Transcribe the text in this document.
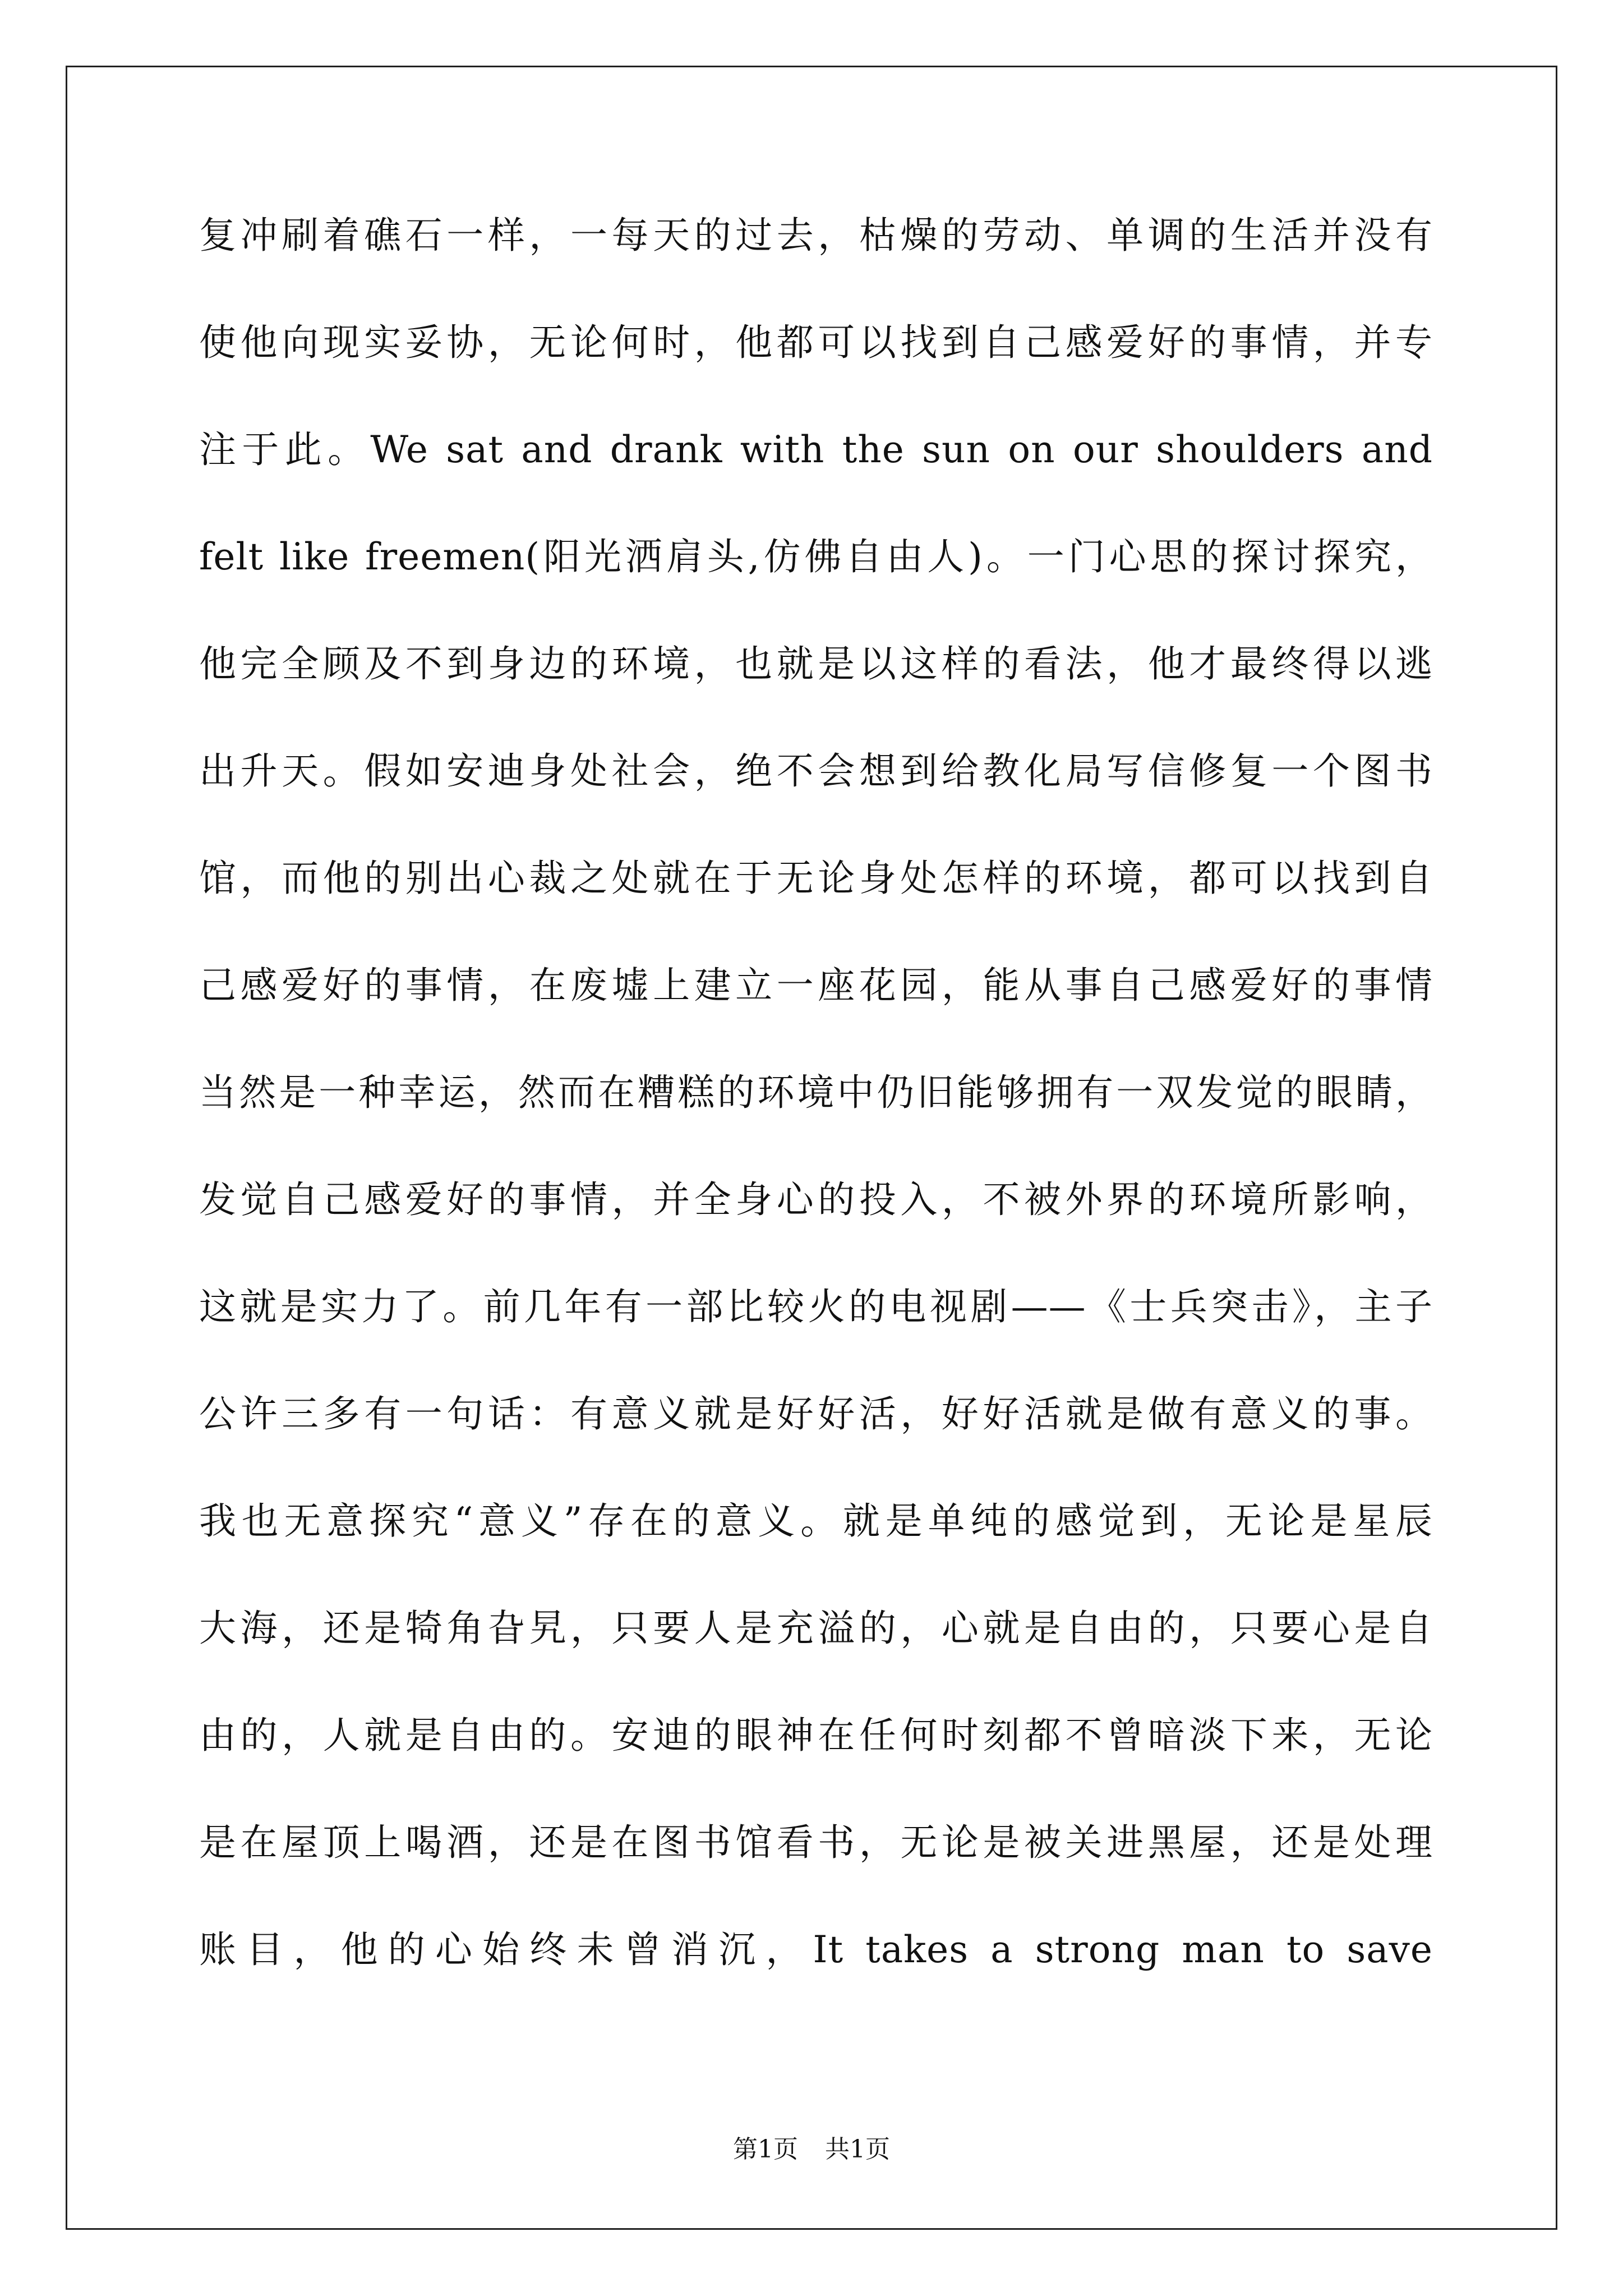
复冲刷着礁石一样，一每天的过去，枯燥的劳动、单调的生活并没有
使他向现实妥协，无论何时，他都可以找到自己感爱好的事情，并专
注于此。We sat and drank with the sun on our shoulders and
felt like freemen(阳光洒肩头,仿佛自由人)。一门心思的探讨探究，
他完全顾及不到身边的环境，也就是以这样的看法，他才最终得以逃
出升天。假如安迪身处社会，绝不会想到给教化局写信修复一个图书
馆，而他的别出心裁之处就在于无论身处怎样的环境，都可以找到自
己感爱好的事情，在废墟上建立一座花园，能从事自己感爱好的事情
当然是一种幸运，然而在糟糕的环境中仍旧能够拥有一双发觉的眼睛，
发觉自己感爱好的事情，并全身心的投入，不被外界的环境所影响，
这就是实力了。前几年有一部比较火的电视剧——《士兵突击》，主子
公许三多有一句话：有意义就是好好活，好好活就是做有意义的事。
我也无意探究“意义”存在的意义。就是单纯的感觉到，无论是星辰
大海，还是犄角旮旯，只要人是充溢的，心就是自由的，只要心是自
由的，人就是自由的。安迪的眼神在任何时刻都不曾暗淡下来，无论
是在屋顶上喝酒，还是在图书馆看书，无论是被关进黑屋，还是处理
账目，他的心始终未曾消沉，It takes a strong man to save
第1页 共1页
